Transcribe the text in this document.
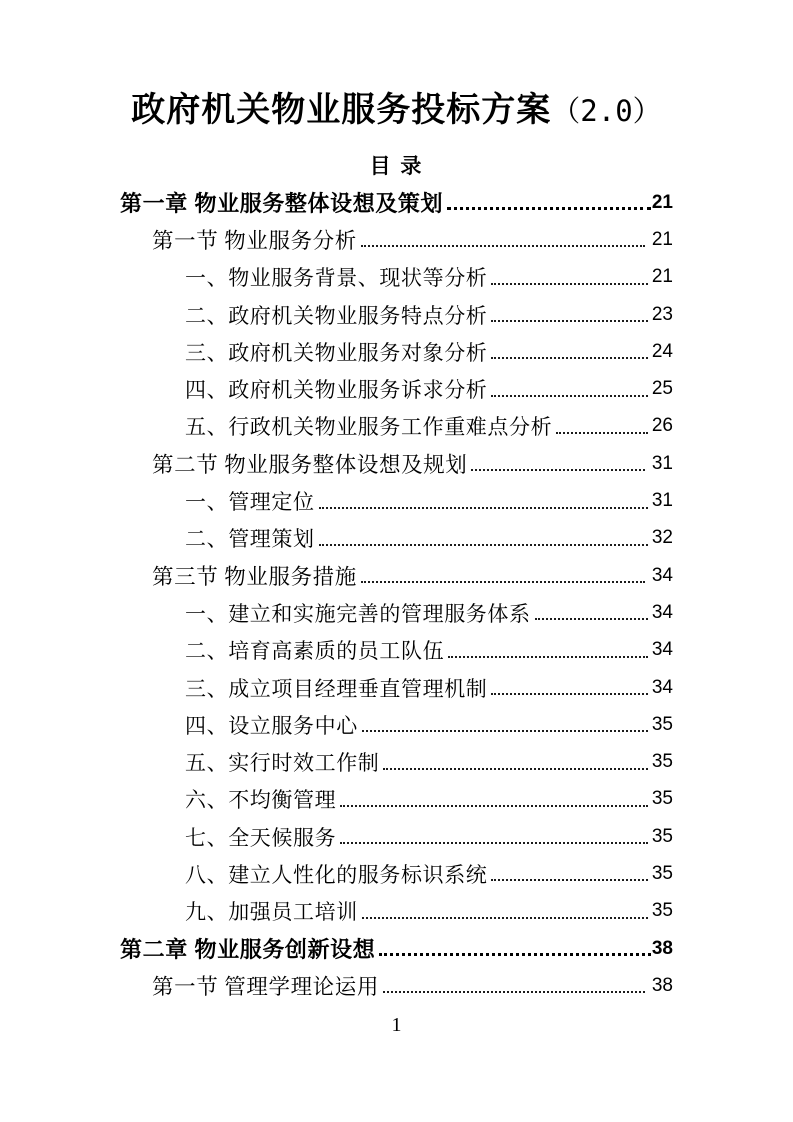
政府机关物业服务投标方案（2.0）
目 录
第一章 物业服务整体设想及策划	21
第一节 物业服务分析	21
一、物业服务背景、现状等分析	21
二、政府机关物业服务特点分析	23
三、政府机关物业服务对象分析	24
四、政府机关物业服务诉求分析	25
五、行政机关物业服务工作重难点分析	26
第二节 物业服务整体设想及规划	31
一、管理定位	31
二、管理策划	32
第三节 物业服务措施	34
一、建立和实施完善的管理服务体系	34
二、培育高素质的员工队伍	34
三、成立项目经理垂直管理机制	34
四、设立服务中心	35
五、实行时效工作制	35
六、不均衡管理	35
七、全天候服务	35
八、建立人性化的服务标识系统	35
九、加强员工培训	35
第二章 物业服务创新设想	38
第一节 管理学理论运用	38
1
